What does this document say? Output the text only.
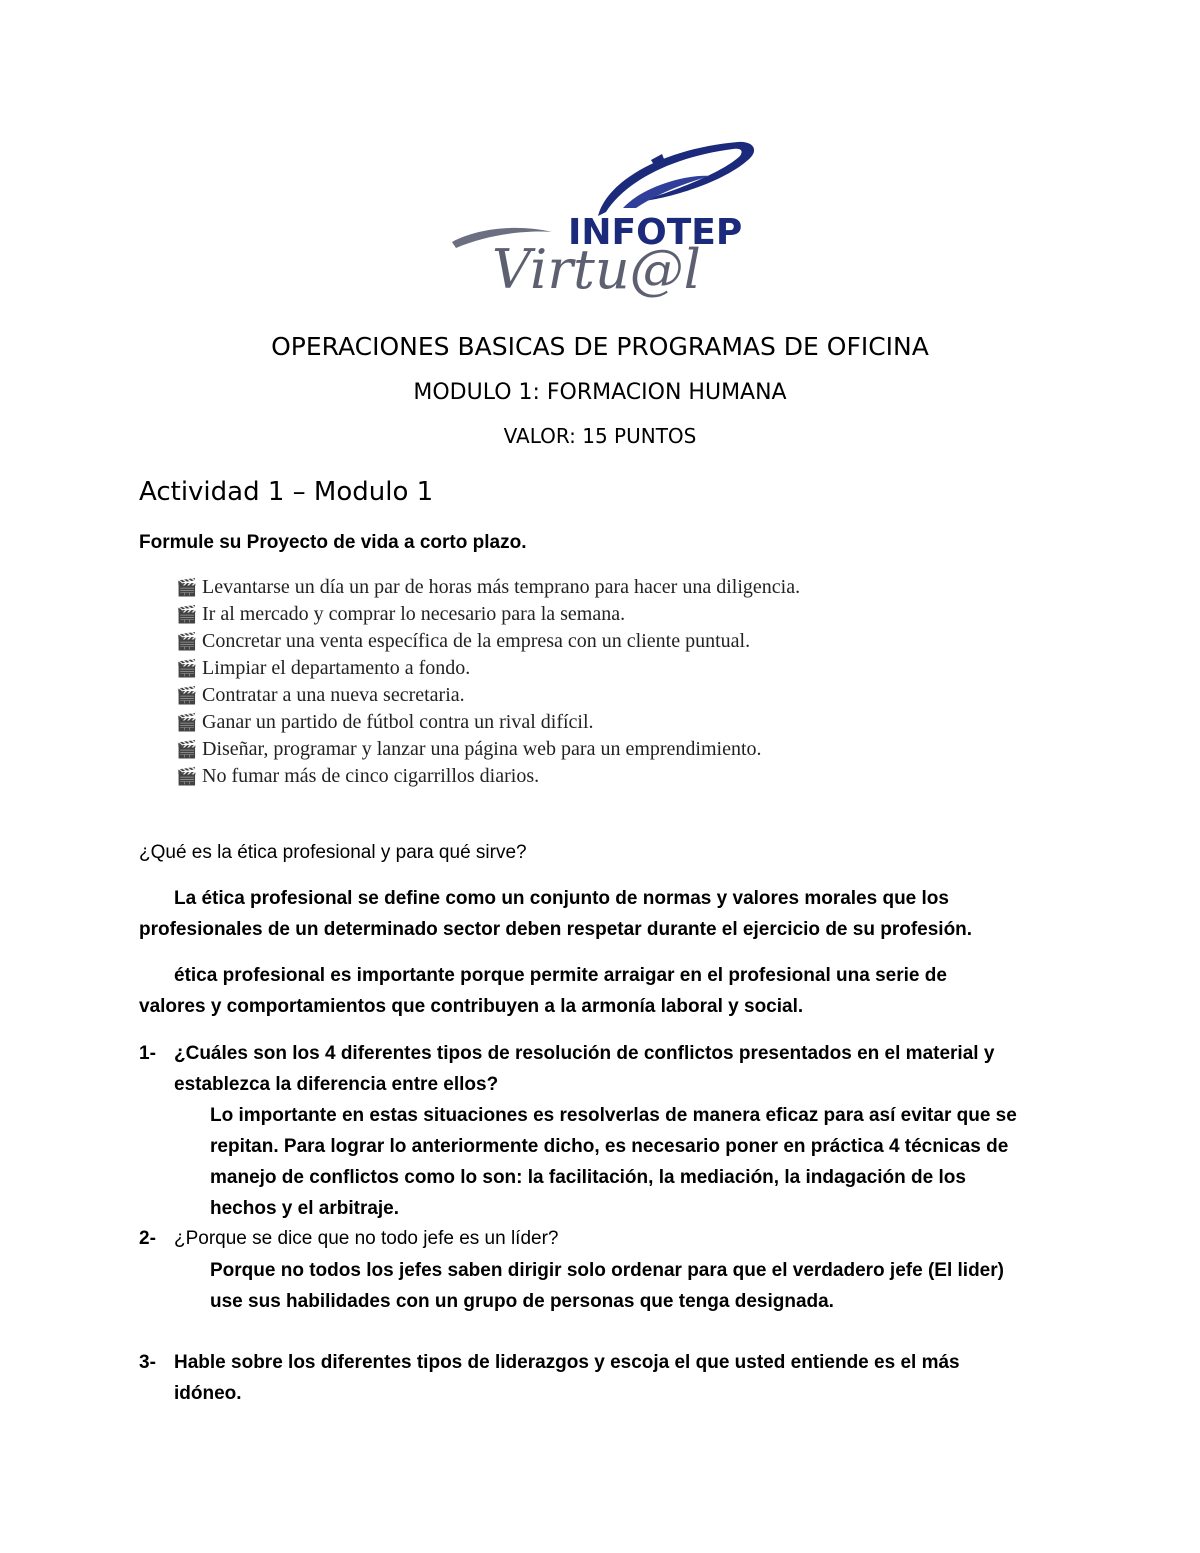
INFOTEP
Virtu@l
OPERACIONES BASICAS DE PROGRAMAS DE OFICINA
MODULO 1: FORMACION HUMANA
VALOR: 15 PUNTOS
Actividad 1 – Modulo 1
Formule su Proyecto de vida a corto plazo.
🎬 Levantarse un día un par de horas más temprano para hacer una diligencia.
🎬 Ir al mercado y comprar lo necesario para la semana.
🎬 Concretar una venta específica de la empresa con un cliente puntual.
🎬 Limpiar el departamento a fondo.
🎬 Contratar a una nueva secretaria.
🎬 Ganar un partido de fútbol contra un rival difícil.
🎬 Diseñar, programar y lanzar una página web para un emprendimiento.
🎬 No fumar más de cinco cigarrillos diarios.
¿Qué es la ética profesional y para qué sirve?
La ética profesional se define como un conjunto de normas y valores morales que los
profesionales de un determinado sector deben respetar durante el ejercicio de su profesión.
ética profesional es importante porque permite arraigar en el profesional una serie de
valores y comportamientos que contribuyen a la armonía laboral y social.
1- ¿Cuáles son los 4 diferentes tipos de resolución de conflictos presentados en el material y
establezca la diferencia entre ellos?
Lo importante en estas situaciones es resolverlas de manera eficaz para así evitar que se
repitan. Para lograr lo anteriormente dicho, es necesario poner en práctica 4 técnicas de
manejo de conflictos como lo son: la facilitación, la mediación, la indagación de los
hechos y el arbitraje.
2- ¿Porque se dice que no todo jefe es un líder?
Porque no todos los jefes saben dirigir solo ordenar para que el verdadero jefe (El lider)
use sus habilidades con un grupo de personas que tenga designada.
3- Hable sobre los diferentes tipos de liderazgos y escoja el que usted entiende es el más
idóneo.
